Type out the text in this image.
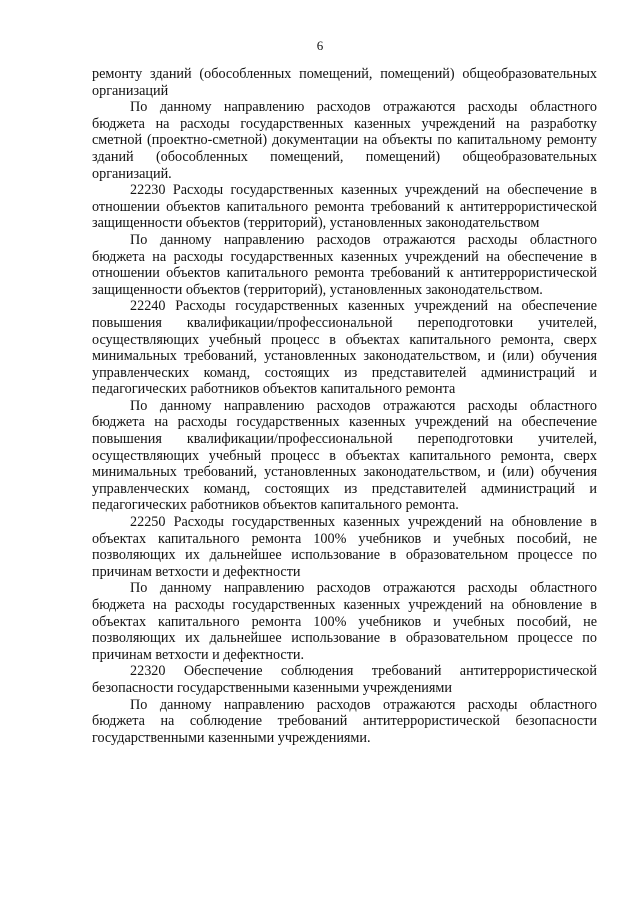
6

ремонту зданий (обособленных помещений, помещений) общеобразовательных организаций

По данному направлению расходов отражаются расходы областного бюджета на расходы государственных казенных учреждений на разработку сметной (проектно-сметной) документации на объекты по капитальному ремонту зданий (обособленных помещений, помещений) общеобразовательных организаций.

22230 Расходы государственных казенных учреждений на обеспечение в отношении объектов капитального ремонта требований к антитеррористической защищенности объектов (территорий), установленных законодательством

По данному направлению расходов отражаются расходы областного бюджета на расходы государственных казенных учреждений на обеспечение в отношении объектов капитального ремонта требований к антитеррористической защищенности объектов (территорий), установленных законодательством.

22240 Расходы государственных казенных учреждений на обеспечение повышения квалификации/профессиональной переподготовки учителей, осуществляющих учебный процесс в объектах капитального ремонта, сверх минимальных требований, установленных законодательством, и (или) обучения управленческих команд, состоящих из представителей администраций и педагогических работников объектов капитального ремонта

По данному направлению расходов отражаются расходы областного бюджета на расходы государственных казенных учреждений на обеспечение повышения квалификации/профессиональной переподготовки учителей, осуществляющих учебный процесс в объектах капитального ремонта, сверх минимальных требований, установленных законодательством, и (или) обучения управленческих команд, состоящих из представителей администраций и педагогических работников объектов капитального ремонта.

22250 Расходы государственных казенных учреждений на обновление в объектах капитального ремонта 100% учебников и учебных пособий, не позволяющих их дальнейшее использование в образовательном процессе по причинам ветхости и дефектности

По данному направлению расходов отражаются расходы областного бюджета на расходы государственных казенных учреждений на обновление в объектах капитального ремонта 100% учебников и учебных пособий, не позволяющих их дальнейшее использование в образовательном процессе по причинам ветхости и дефектности.

22320 Обеспечение соблюдения требований антитеррористической безопасности государственными казенными учреждениями

По данному направлению расходов отражаются расходы областного бюджета на соблюдение требований антитеррористической безопасности государственными казенными учреждениями.
